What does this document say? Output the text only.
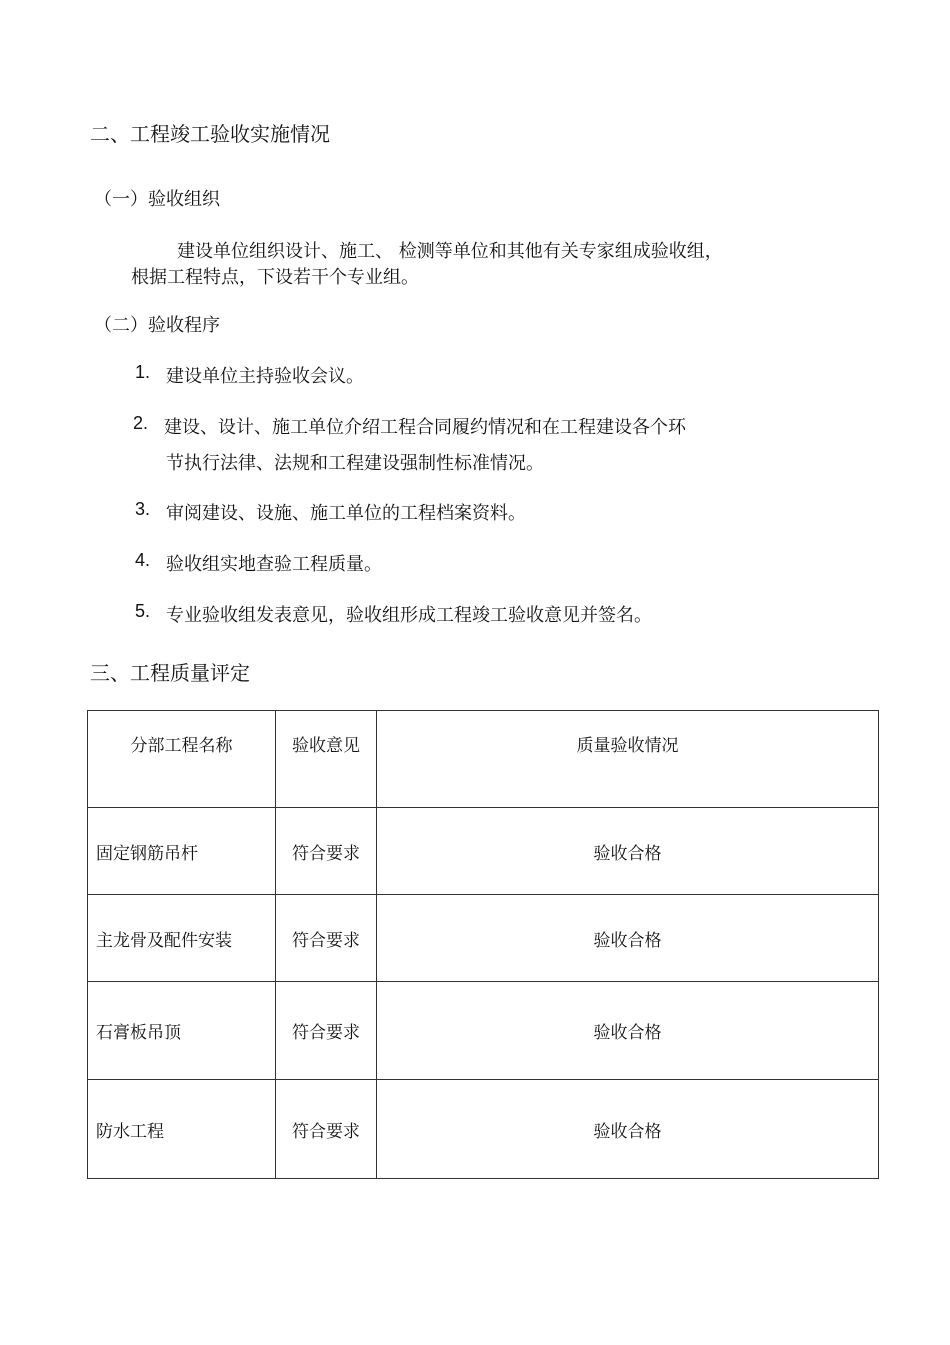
二、工程竣工验收实施情况
（一）验收组织
建设单位组织设计、施工、 检测等单位和其他有关专家组成验收组，
根据工程特点，下设若干个专业组。
（二）验收程序
1. 建设单位主持验收会议。
2. 建设、设计、施工单位介绍工程合同履约情况和在工程建设各个环
节执行法律、法规和工程建设强制性标准情况。
3. 审阅建设、设施、施工单位的工程档案资料。
4. 验收组实地查验工程质量。
5. 专业验收组发表意见，验收组形成工程竣工验收意见并签名。
三、工程质量评定
分部工程名称	验收意见	质量验收情况
固定钢筋吊杆	符合要求	验收合格
主龙骨及配件安装	符合要求	验收合格
石膏板吊顶	符合要求	验收合格
防水工程	符合要求	验收合格
